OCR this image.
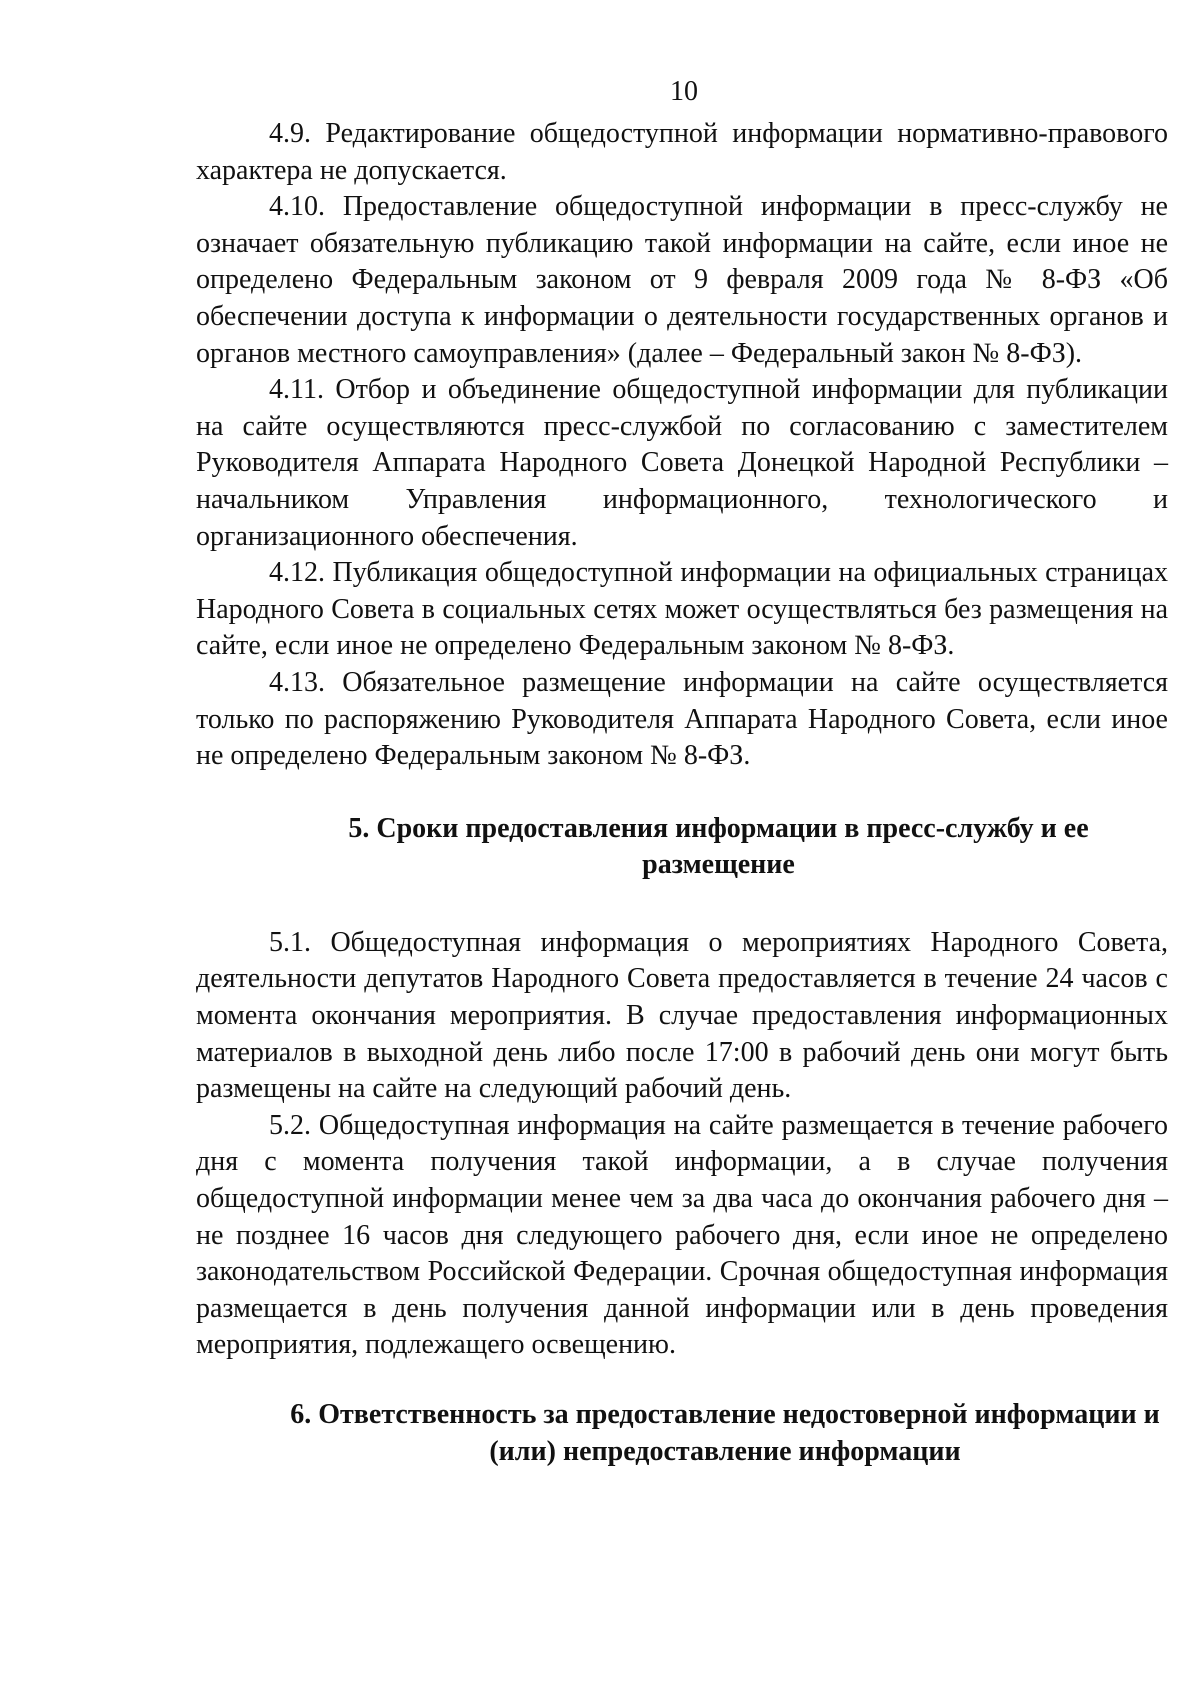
10

4.9. Редактирование общедоступной информации нормативно-правового характера не допускается.

4.10. Предоставление общедоступной информации в пресс-службу не означает обязательную публикацию такой информации на сайте, если иное не определено Федеральным законом от 9 февраля 2009 года № 8-ФЗ «Об обеспечении доступа к информации о деятельности государственных органов и органов местного самоуправления» (далее – Федеральный закон № 8-ФЗ).

4.11. Отбор и объединение общедоступной информации для публикации на сайте осуществляются пресс-службой по согласованию с заместителем Руководителя Аппарата Народного Совета Донецкой Народной Республики – начальником Управления информационного, технологического и организационного обеспечения.

4.12. Публикация общедоступной информации на официальных страницах Народного Совета в социальных сетях может осуществляться без размещения на сайте, если иное не определено Федеральным законом № 8-ФЗ.

4.13. Обязательное размещение информации на сайте осуществляется только по распоряжению Руководителя Аппарата Народного Совета, если иное не определено Федеральным законом № 8-ФЗ.

5. Сроки предоставления информации в пресс-службу и ее
размещение

5.1. Общедоступная информация о мероприятиях Народного Совета, деятельности депутатов Народного Совета предоставляется в течение 24 часов с момента окончания мероприятия. В случае предоставления информационных материалов в выходной день либо после 17:00 в рабочий день они могут быть размещены на сайте на следующий рабочий день.

5.2. Общедоступная информация на сайте размещается в течение рабочего дня с момента получения такой информации, а в случае получения общедоступной информации менее чем за два часа до окончания рабочего дня – не позднее 16 часов дня следующего рабочего дня, если иное не определено законодательством Российской Федерации. Срочная общедоступная информация размещается в день получения данной информации или в день проведения мероприятия, подлежащего освещению.

6. Ответственность за предоставление недостоверной информации и
(или) непредоставление информации
